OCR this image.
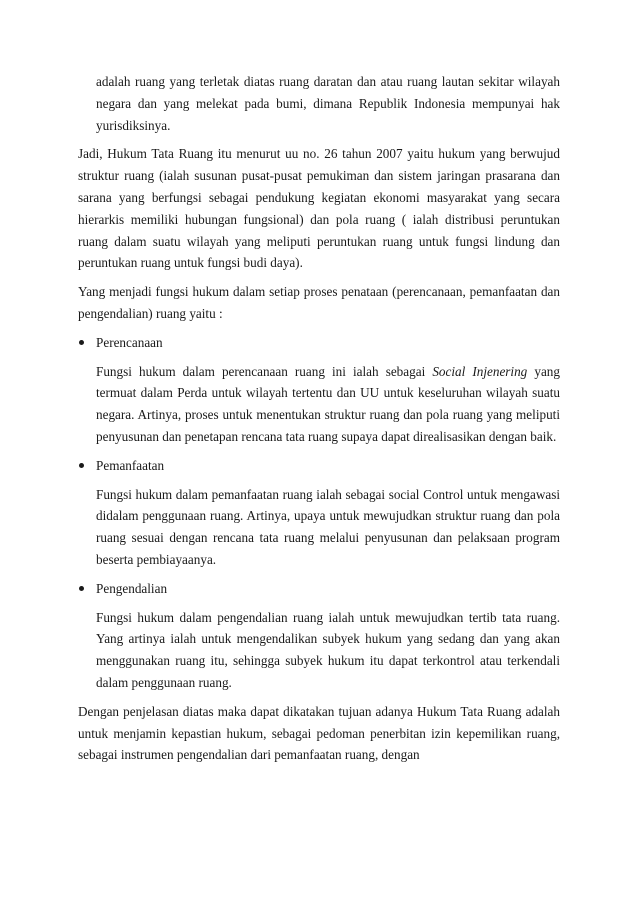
adalah ruang yang terletak diatas ruang daratan dan atau ruang lautan sekitar wilayah negara dan yang melekat pada bumi, dimana Republik Indonesia mempunyai hak yurisdiksinya.

Jadi, Hukum Tata Ruang itu menurut uu no. 26 tahun 2007 yaitu hukum yang berwujud struktur ruang (ialah susunan pusat-pusat pemukiman dan sistem jaringan prasarana dan sarana yang berfungsi sebagai pendukung kegiatan ekonomi masyarakat yang secara hierarkis memiliki hubungan fungsional) dan pola ruang ( ialah distribusi peruntukan ruang dalam suatu wilayah yang meliputi peruntukan ruang untuk fungsi lindung dan peruntukan ruang untuk fungsi budi daya).

Yang menjadi fungsi hukum dalam setiap proses penataan (perencanaan, pemanfaatan dan pengendalian) ruang yaitu :

Perencanaan

Fungsi hukum dalam perencanaan ruang ini ialah sebagai Social Injenering yang termuat dalam Perda untuk wilayah tertentu dan UU untuk keseluruhan wilayah suatu negara. Artinya, proses untuk menentukan struktur ruang dan pola ruang yang meliputi penyusunan dan penetapan rencana tata ruang supaya dapat direalisasikan dengan baik.

Pemanfaatan

Fungsi hukum dalam pemanfaatan ruang ialah sebagai social Control untuk mengawasi didalam penggunaan ruang. Artinya, upaya untuk mewujudkan struktur ruang dan pola ruang sesuai dengan rencana tata ruang melalui penyusunan dan pelaksaan program beserta pembiayaanya.

Pengendalian

Fungsi hukum dalam pengendalian ruang ialah untuk mewujudkan tertib tata ruang. Yang artinya ialah untuk mengendalikan subyek hukum yang sedang dan yang akan menggunakan ruang itu, sehingga subyek hukum itu dapat terkontrol atau terkendali dalam penggunaan ruang.

Dengan penjelasan diatas maka dapat dikatakan tujuan adanya Hukum Tata Ruang adalah untuk menjamin kepastian hukum, sebagai pedoman penerbitan izin kepemilikan ruang, sebagai instrumen pengendalian dari pemanfaatan ruang, dengan
